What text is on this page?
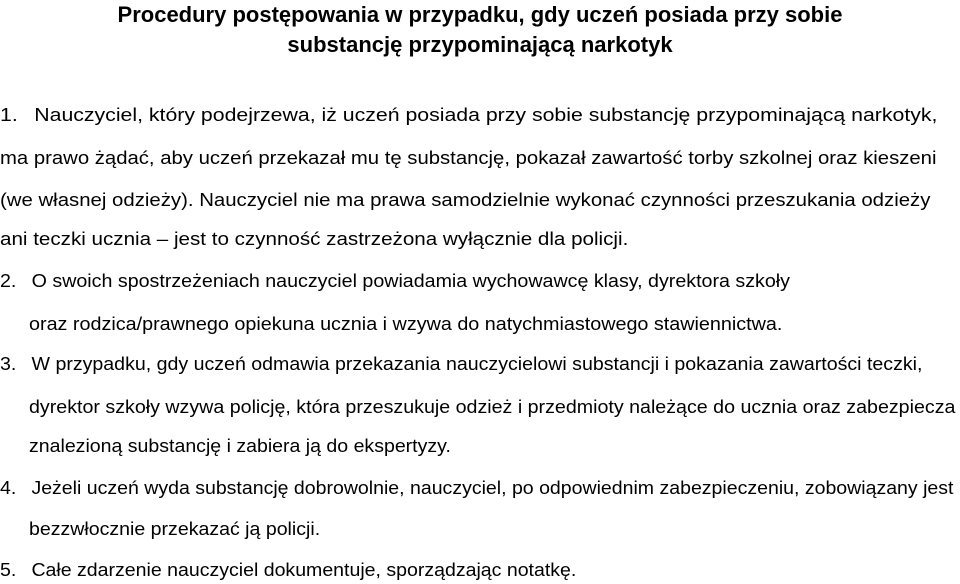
Procedury postępowania w przypadku, gdy uczeń posiada przy sobie
substancję przypominającą narkotyk
1. Nauczyciel, który podejrzewa, iż uczeń posiada przy sobie substancję przypominającą narkotyk,
ma prawo żądać, aby uczeń przekazał mu tę substancję, pokazał zawartość torby szkolnej oraz kieszeni
(we własnej odzieży). Nauczyciel nie ma prawa samodzielnie wykonać czynności przeszukania odzieży
ani teczki ucznia – jest to czynność zastrzeżona wyłącznie dla policji.
2. O swoich spostrzeżeniach nauczyciel powiadamia wychowawcę klasy, dyrektora szkoły
oraz rodzica/prawnego opiekuna ucznia i wzywa do natychmiastowego stawiennictwa.
3. W przypadku, gdy uczeń odmawia przekazania nauczycielowi substancji i pokazania zawartości teczki,
dyrektor szkoły wzywa policję, która przeszukuje odzież i przedmioty należące do ucznia oraz zabezpiecza
znalezioną substancję i zabiera ją do ekspertyzy.
4. Jeżeli uczeń wyda substancję dobrowolnie, nauczyciel, po odpowiednim zabezpieczeniu, zobowiązany jest
bezzwłocznie przekazać ją policji.
5. Całe zdarzenie nauczyciel dokumentuje, sporządzając notatkę.
